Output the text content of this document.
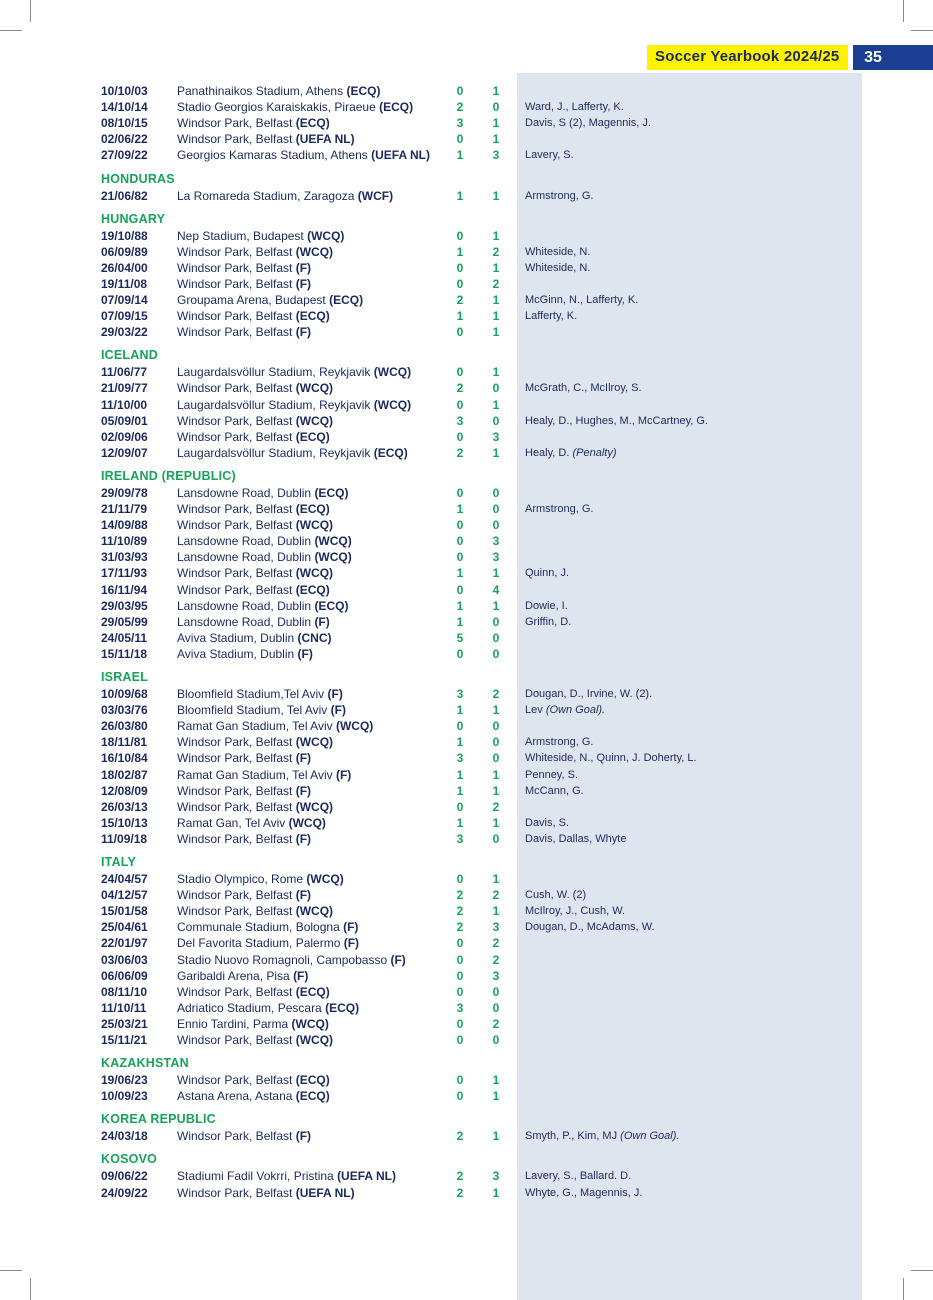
Soccer Yearbook 2024/25	35
10/10/03 Panathinaikos Stadium, Athens (ECQ)	0	1
14/10/14 Stadio Georgios Karaiskakis, Piraeue (ECQ)	2	0	Ward, J., Lafferty, K.
08/10/15 Windsor Park, Belfast (ECQ)	3	1	Davis, S (2), Magennis, J.
02/06/22 Windsor Park, Belfast (UEFA NL)	0	1
27/09/22 Georgios Kamaras Stadium, Athens (UEFA NL)	1	3	Lavery, S.
HONDURAS
21/06/82 La Romareda Stadium, Zaragoza (WCF)	1	1	Armstrong, G.
HUNGARY
19/10/88 Nep Stadium, Budapest (WCQ)	0	1
06/09/89 Windsor Park, Belfast (WCQ)	1	2	Whiteside, N.
26/04/00 Windsor Park, Belfast (F)	0	1	Whiteside, N.
19/11/08 Windsor Park, Belfast (F)	0	2
07/09/14 Groupama Arena, Budapest (ECQ)	2	1	McGinn, N., Lafferty, K.
07/09/15 Windsor Park, Belfast (ECQ)	1	1	Lafferty, K.
29/03/22 Windsor Park, Belfast (F)	0	1
ICELAND
11/06/77 Laugardalsvöllur Stadium, Reykjavik (WCQ)	0	1
21/09/77 Windsor Park, Belfast (WCQ)	2	0	McGrath, C., McIlroy, S.
11/10/00 Laugardalsvöllur Stadium, Reykjavik (WCQ)	0	1
05/09/01 Windsor Park, Belfast (WCQ)	3	0	Healy, D., Hughes, M., McCartney, G.
02/09/06 Windsor Park, Belfast (ECQ)	0	3
12/09/07 Laugardalsvöllur Stadium, Reykjavik (ECQ)	2	1	Healy, D. (Penalty)
IRELAND (REPUBLIC)
29/09/78 Lansdowne Road, Dublin (ECQ)	0	0
21/11/79 Windsor Park, Belfast (ECQ)	1	0	Armstrong, G.
14/09/88 Windsor Park, Belfast (WCQ)	0	0
11/10/89 Lansdowne Road, Dublin (WCQ)	0	3
31/03/93 Lansdowne Road, Dublin (WCQ)	0	3
17/11/93 Windsor Park, Belfast (WCQ)	1	1	Quinn, J.
16/11/94 Windsor Park, Belfast (ECQ)	0	4
29/03/95 Lansdowne Road, Dublin (ECQ)	1	1	Dowie, I.
29/05/99 Lansdowne Road, Dublin (F)	1	0	Griffin, D.
24/05/11 Aviva Stadium, Dublin (CNC)	5	0
15/11/18 Aviva Stadium, Dublin (F)	0	0
ISRAEL
10/09/68 Bloomfield Stadium,Tel Aviv (F)	3	2	Dougan, D., Irvine, W. (2).
03/03/76 Bloomfield Stadium, Tel Aviv (F)	1	1	Lev (Own Goal).
26/03/80 Ramat Gan Stadium, Tel Aviv (WCQ)	0	0
18/11/81 Windsor Park, Belfast (WCQ)	1	0	Armstrong, G.
16/10/84 Windsor Park, Belfast (F)	3	0	Whiteside, N., Quinn, J. Doherty, L.
18/02/87 Ramat Gan Stadium, Tel Aviv (F)	1	1	Penney, S.
12/08/09 Windsor Park, Belfast (F)	1	1	McCann, G.
26/03/13 Windsor Park, Belfast (WCQ)	0	2
15/10/13 Ramat Gan, Tel Aviv (WCQ)	1	1	Davis, S.
11/09/18 Windsor Park, Belfast (F)	3	0	Davis, Dallas, Whyte
ITALY
24/04/57 Stadio Olympico, Rome (WCQ)	0	1
04/12/57 Windsor Park, Belfast (F)	2	2	Cush, W. (2)
15/01/58 Windsor Park, Belfast (WCQ)	2	1	McIlroy, J., Cush, W.
25/04/61 Communale Stadium, Bologna (F)	2	3	Dougan, D., McAdams, W.
22/01/97 Del Favorita Stadium, Palermo (F)	0	2
03/06/03 Stadio Nuovo Romagnoli, Campobasso (F)	0	2
06/06/09 Garibaldi Arena, Pisa (F)	0	3
08/11/10 Windsor Park, Belfast (ECQ)	0	0
11/10/11	Adriatico Stadium, Pescara (ECQ)	3	0
25/03/21 Ennio Tardini, Parma (WCQ)	0	2
15/11/21 Windsor Park, Belfast (WCQ)	0	0
KAZAKHSTAN
19/06/23 Windsor Park, Belfast (ECQ)	0	1
10/09/23 Astana Arena, Astana (ECQ)	0	1
KOREA REPUBLIC
24/03/18 Windsor Park, Belfast (F)	2	1	Smyth, P., Kim, MJ (Own Goal).
KOSOVO
09/06/22 Stadiumi Fadil Vokrri, Pristina (UEFA NL)	2	3	Lavery, S., Ballard. D.
24/09/22 Windsor Park, Belfast (UEFA NL)	2	1	Whyte, G., Magennis, J.
